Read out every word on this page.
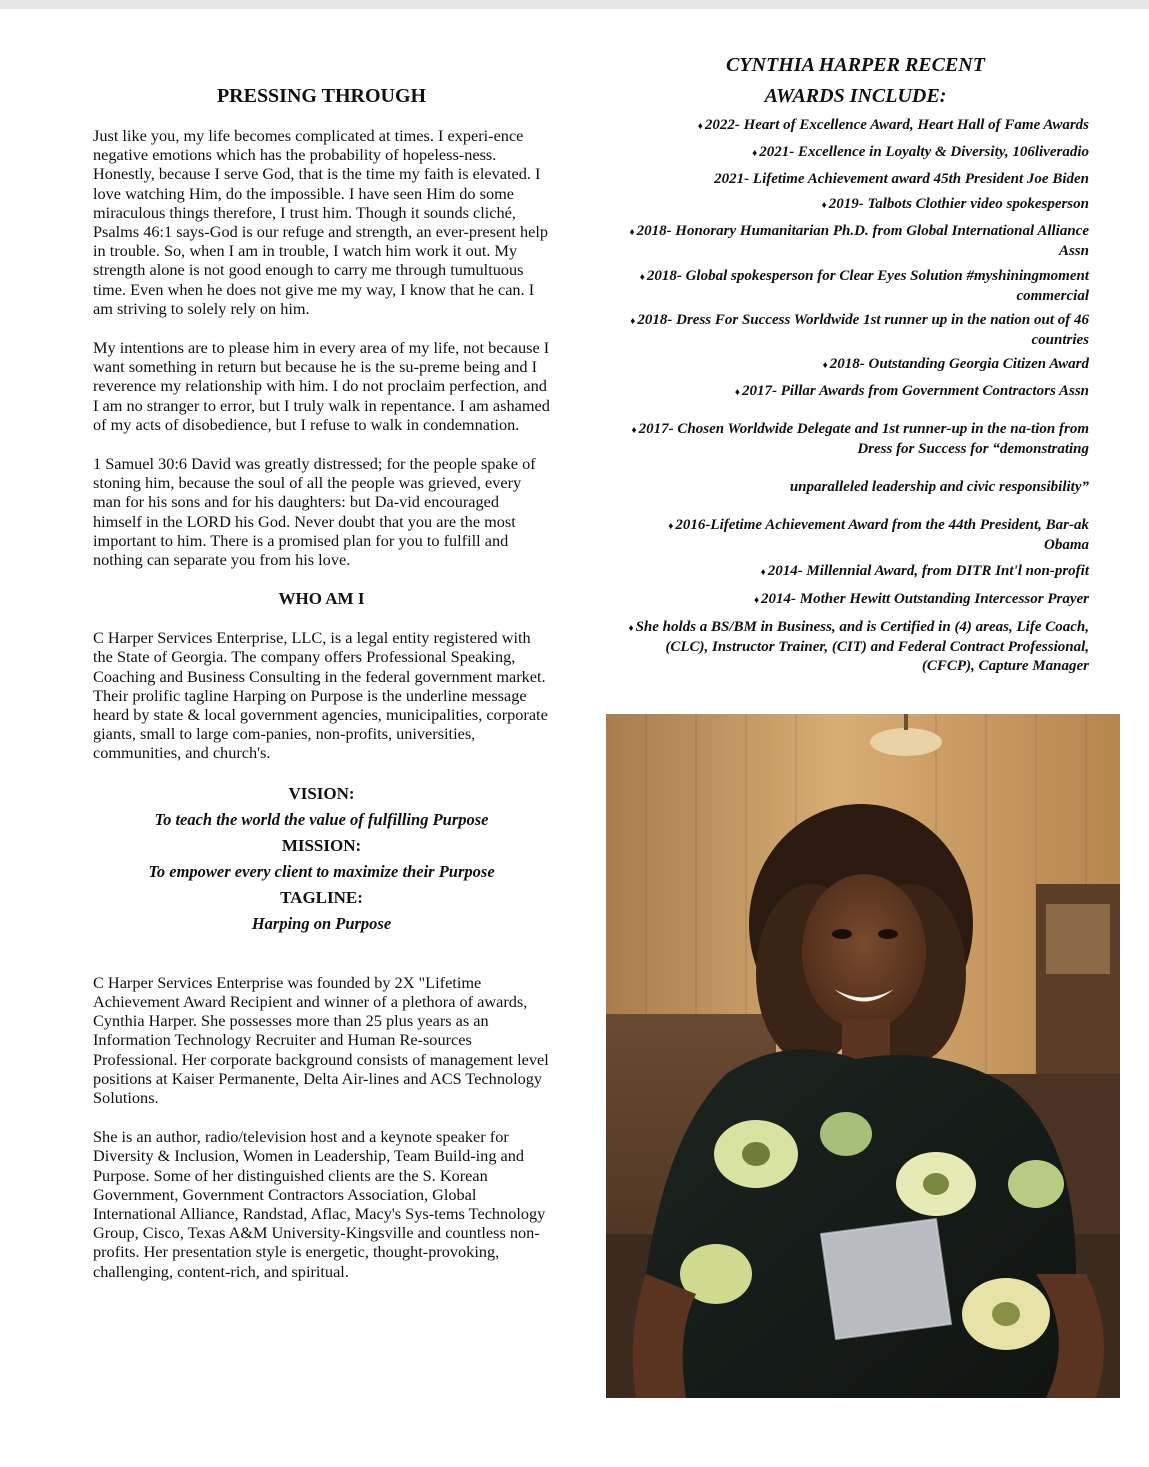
PRESSING THROUGH

Just like you, my life becomes complicated at times. I experi-ence negative emotions which has the probability of hopeless-ness. Honestly, because I serve God, that is the time my faith is elevated. I love watching Him, do the impossible. I have seen Him do some miraculous things therefore, I trust him. Though it sounds cliché, Psalms 46:1 says-God is our refuge and strength, an ever-present help in trouble. So, when I am in trouble, I watch him work it out. My strength alone is not good enough to carry me through tumultuous time. Even when he does not give me my way, I know that he can. I am striving to solely rely on him.

My intentions are to please him in every area of my life, not because I want something in return but because he is the su-preme being and I reverence my relationship with him. I do not proclaim perfection, and I am no stranger to error, but I truly walk in repentance. I am ashamed of my acts of disobedience, but I refuse to walk in condemnation.

1 Samuel 30:6 David was greatly distressed; for the people spake of stoning him, because the soul of all the people was grieved, every man for his sons and for his daughters: but Da-vid encouraged himself in the LORD his God. Never doubt that you are the most important to him. There is a promised plan for you to fulfill and nothing can separate you from his love.

WHO AM I

C Harper Services Enterprise, LLC, is a legal entity registered with the State of Georgia. The company offers Professional Speaking, Coaching and Business Consulting in the federal government market. Their prolific tagline Harping on Purpose is the underline message heard by state & local government agencies, municipalities, corporate giants, small to large com-panies, non-profits, universities, communities, and church's.

VISION:
To teach the world the value of fulfilling Purpose
MISSION:
To empower every client to maximize their Purpose
TAGLINE:
Harping on Purpose

C Harper Services Enterprise was founded by 2X "Lifetime Achievement Award Recipient and winner of a plethora of awards, Cynthia Harper. She possesses more than 25 plus years as an Information Technology Recruiter and Human Re-sources Professional. Her corporate background consists of management level positions at Kaiser Permanente, Delta Air-lines and ACS Technology Solutions.

She is an author, radio/television host and a keynote speaker for Diversity & Inclusion, Women in Leadership, Team Build-ing and Purpose. Some of her distinguished clients are the S. Korean Government, Government Contractors Association, Global International Alliance, Randstad, Aflac, Macy's Sys-tems Technology Group, Cisco, Texas A&M University-Kingsville and countless non-profits. Her presentation style is energetic, thought-provoking, challenging, content-rich, and spiritual.

CYNTHIA HARPER RECENT
AWARDS INCLUDE:

♦ 2022- Heart of Excellence Award, Heart Hall of Fame Awards

♦ 2021- Excellence in Loyalty & Diversity, 106liveradio

2021- Lifetime Achievement award 45th President Joe Biden

♦ 2019- Talbots Clothier video spokesperson

♦ 2018- Honorary Humanitarian Ph.D. from Global International Alliance Assn

♦ 2018- Global spokesperson for Clear Eyes Solution #myshiningmoment commercial

♦ 2018- Dress For Success Worldwide 1st runner up in the nation out of 46 countries

♦ 2018- Outstanding Georgia Citizen Award

♦ 2017- Pillar Awards from Government Contractors Assn

♦ 2017- Chosen Worldwide Delegate and 1st runner-up in the na-tion from Dress for Success for “demonstrating

unparalleled leadership and civic responsibility”

♦ 2016-Lifetime Achievement Award from the 44th President, Bar-ak Obama

♦ 2014- Millennial Award, from DITR Int'l non-profit

♦ 2014- Mother Hewitt Outstanding Intercessor Prayer

♦ She holds a BS/BM in Business, and is Certified in (4) areas, Life Coach, (CLC), Instructor Trainer, (CIT) and Federal Contract Professional, (CFCP), Capture Manager
